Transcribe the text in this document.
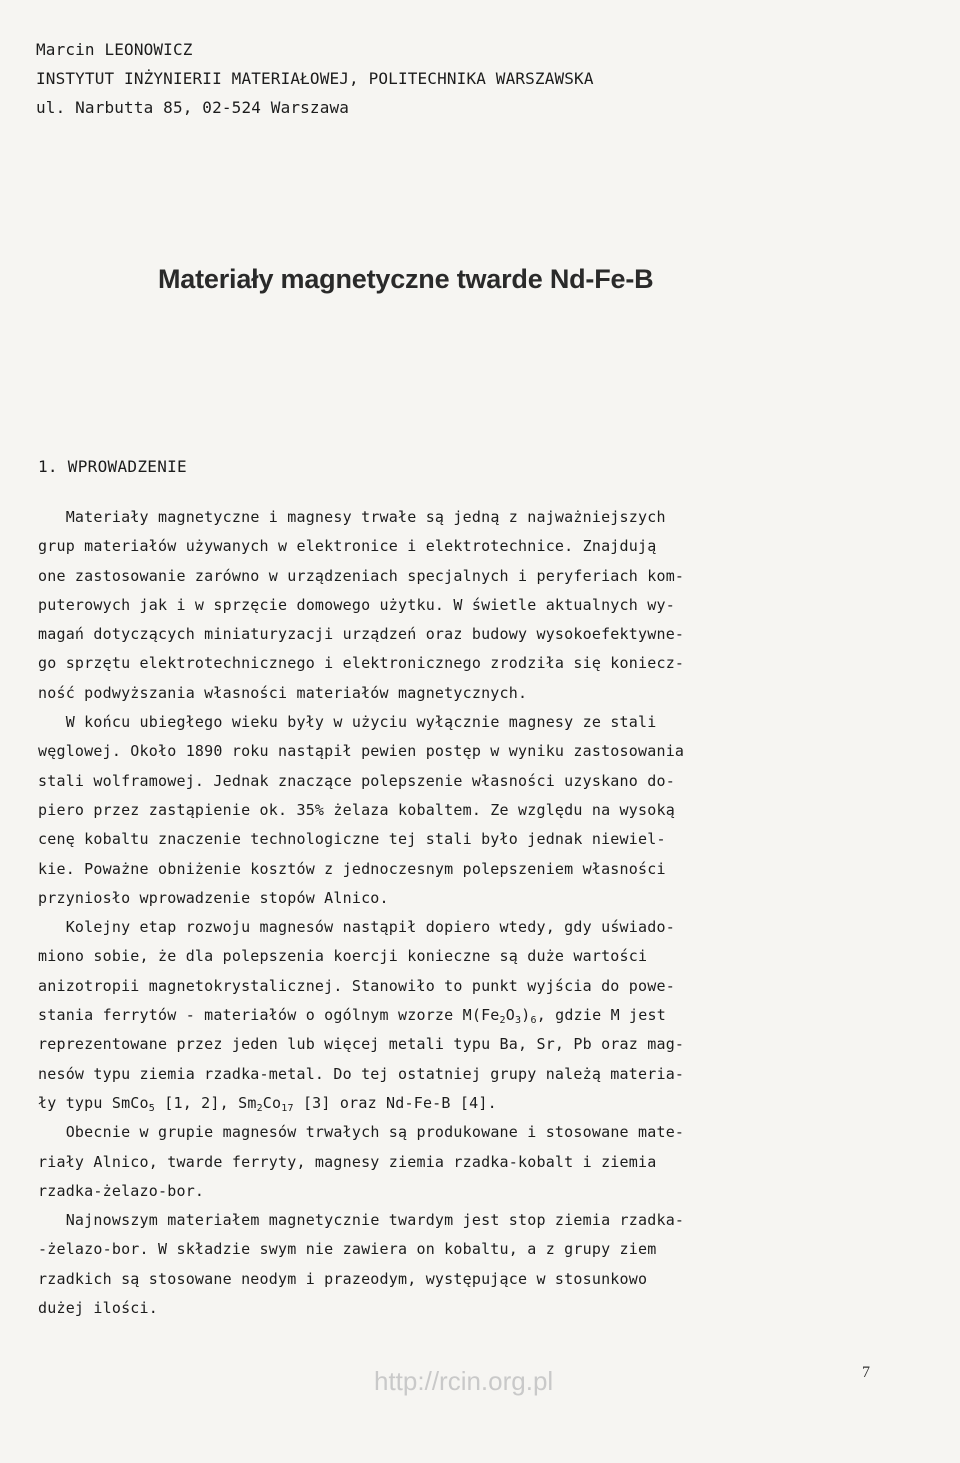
Marcin LEONOWICZ
INSTYTUT INŻYNIERII MATERIAŁOWEJ, POLITECHNIKA WARSZAWSKA
ul. Narbutta 85, 02-524 Warszawa
Materiały magnetyczne twarde Nd-Fe-B
1. WPROWADZENIE
Materiały magnetyczne i magnesy trwałe są jedną z najważniejszych
grup materiałów używanych w elektronice i elektrotechnice. Znajdują
one zastosowanie zarówno w urządzeniach specjalnych i peryferiach kom-
puterowych jak i w sprzęcie domowego użytku. W świetle aktualnych wy-
magań dotyczących miniaturyzacji urządzeń oraz budowy wysokoefektywne-
go sprzętu elektrotechnicznego i elektronicznego zrodziła się koniecz-
ność podwyższania własności materiałów magnetycznych.
W końcu ubiegłego wieku były w użyciu wyłącznie magnesy ze stali
węglowej. Około 1890 roku nastąpił pewien postęp w wyniku zastosowania
stali wolframowej. Jednak znaczące polepszenie własności uzyskano do-
piero przez zastąpienie ok. 35% żelaza kobaltem. Ze względu na wysoką
cenę kobaltu znaczenie technologiczne tej stali było jednak niewiel-
kie. Poważne obniżenie kosztów z jednoczesnym polepszeniem własności
przyniosło wprowadzenie stopów Alnico.
Kolejny etap rozwoju magnesów nastąpił dopiero wtedy, gdy uświado-
miono sobie, że dla polepszenia koercji konieczne są duże wartości
anizotropii magnetokrystalicznej. Stanowiło to punkt wyjścia do powe-
stania ferrytów - materiałów o ogólnym wzorze $M(Fe_2O_3)_6$, gdzie M jest
reprezentowane przez jeden lub więcej metali typu Ba, Sr, Pb oraz mag-
nesów typu ziemia rzadka-metal. Do tej ostatniej grupy należą materia-
ły typu SmCo$_5$ [1, 2], $Sm_2Co_{17}$ [3] oraz Nd-Fe-B [4].
Obecnie w grupie magnesów trwałych są produkowane i stosowane mate-
riały Alnico, twarde ferryty, magnesy ziemia rzadka-kobalt i ziemia
rzadka-żelazo-bor.
Najnowszym materiałem magnetycznie twardym jest stop ziemia rzadka-
-żelazo-bor. W składzie swym nie zawiera on kobaltu, a z grupy ziem
rzadkich są stosowane neodym i prazeodym, występujące w stosunkowo
dużej ilości.
http://rcin.org.pl	7
